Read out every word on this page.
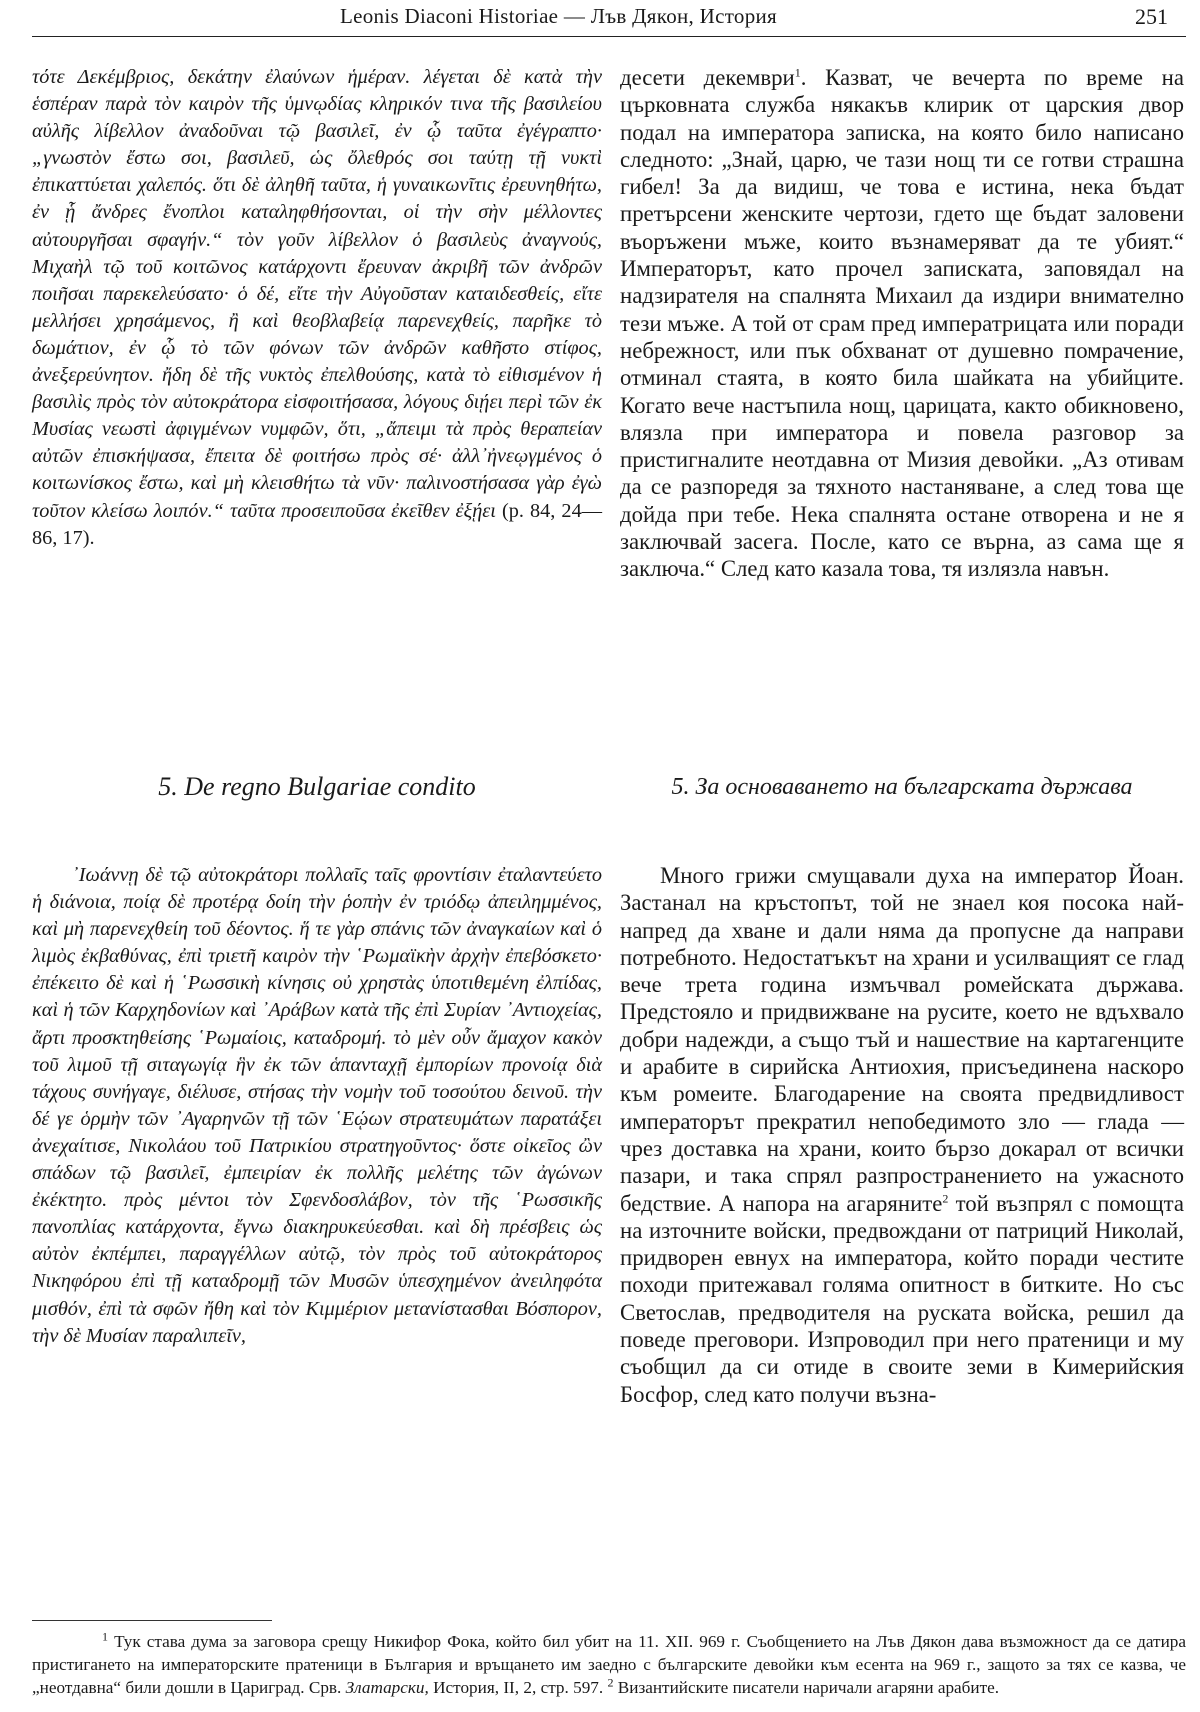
Leonis Diaconi Historiae — Лъв Дякон, История	251

τότε Δεκέμβριος, δεκάτην ἐλαύνων ἡμέραν. λέγεται δὲ κατὰ τὴν ἑσπέραν παρὰ τὸν καιρὸν τῆς ὑμνῳδίας κληρικόν τινα τῆς βασιλείου αὐλῆς λίβελλον ἀναδοῦναι τῷ βασιλεῖ, ἐν ᾧ ταῦτα ἐγέγραπτο· „γνωστὸν ἔστω σοι, βασιλεῦ, ὡς ὄλεθρός σοι ταύτῃ τῇ νυκτὶ ἐπικαττύεται χαλεπός. ὅτι δὲ ἀληθῆ ταῦτα, ἡ γυναικωνῖτις ἐρευνηθήτω, ἐν ᾗ ἄνδρες ἔνοπλοι καταληφθήσονται, οἱ τὴν σὴν μέλλοντες αὐτουργῆσαι σφαγήν.“ τὸν γοῦν λίβελλον ὁ βασιλεὺς ἀναγνούς, Μιχαὴλ τῷ τοῦ κοιτῶνος κατάρχοντι ἔρευναν ἀκριβῆ τῶν ἀνδρῶν ποιῆσαι παρεκελεύσατο· ὁ δέ, εἴτε τὴν Αὐγοῦσταν καταιδεσθείς, εἴτε μελλήσει χρησάμενος, ἢ καὶ θεοβλαβείᾳ παρενεχθείς, παρῆκε τὸ δωμάτιον, ἐν ᾧ τὸ τῶν φόνων τῶν ἀνδρῶν καθῆστο στίφος, ἀνεξερεύνητον. ἤδη δὲ τῆς νυκτὸς ἐπελθούσης, κατὰ τὸ εἰθισμένον ἡ βασιλὶς πρὸς τὸν αὐτοκράτορα εἰσφοιτήσασα, λόγους διῄει περὶ τῶν ἐκ Μυσίας νεωστὶ ἀφιγμένων νυμφῶν, ὅτι, „ἄπειμι τὰ πρὸς θεραπείαν αὐτῶν ἐπισκήψασα, ἔπειτα δὲ φοιτήσω πρὸς σέ· ἀλλ᾽ἠνεῳγμένος ὁ κοιτωνίσκος ἔστω, καὶ μὴ κλεισθήτω τὰ νῦν· παλινοστήσασα γὰρ ἐγὼ τοῦτον κλείσω λοιπόν.“ ταῦτα προσειποῦσα ἐκεῖθεν ἐξῄει (p. 84, 24—86, 17).

десети декември$^1$. Казват, че вечерта по време на църковната служба някакъв клирик от царския двор подал на императора записка, на която било написано следното: „Знай, царю, че тази нощ ти се готви страшна гибел! За да видиш, че това е истина, нека бъдат претърсени женските чертози, гдето ще бъдат заловени въоръжени мъже, които възнамеряват да те убият.“ Императорът, като прочел записката, заповядал на надзирателя на спалнята Михаил да издири внимателно тези мъже. А той от срам пред императрицата или поради небрежност, или пък обхванат от душевно помрачение, отминал стаята, в която била шайката на убийците. Когато вече настъпила нощ, царицата, както обикновено, влязла при императора и повела разговор за пристигналите неотдавна от Мизия девойки. „Аз отивам да се разпоредя за тяхното настаняване, а след това ще дойда при тебе. Нека спалнята остане отворена и не я заключвай засега. После, като се върна, аз сама ще я заключа.“ След като казала това, тя излязла навън.

5. De regno Bulgariae condito	5. За основаването на българската държава

᾿Ιωάννῃ δὲ τῷ αὐτοκράτορι πολλαῖς ταῖς φροντίσιν ἐταλαντεύετο ἡ διάνοια, ποίᾳ δὲ προτέρᾳ δοίη τὴν ῥοπὴν ἐν τριόδῳ ἀπειλημμένος, καὶ μὴ παρενεχθείη τοῦ δέοντος. ἥ τε γὰρ σπάνις τῶν ἀναγκαίων καὶ ὁ λιμὸς ἐκβαθύνας, ἐπὶ τριετῆ καιρὸν τὴν ῾Ρωμαϊκὴν ἀρχὴν ἐπεβόσκετο· ἐπέκειτο δὲ καὶ ἡ ῾Ρωσσικὴ κίνησις οὐ χρηστὰς ὑποτιθεμένη ἐλπίδας, καὶ ἡ τῶν Καρχηδονίων καὶ ᾿Αράβων κατὰ τῆς ἐπὶ Συρίαν ᾿Αντιοχείας, ἄρτι προσκτηθείσης ῾Ρωμαίοις, καταδρομή. τὸ μὲν οὖν ἄμαχον κακὸν τοῦ λιμοῦ τῇ σιταγωγίᾳ ἣν ἐκ τῶν ἁπανταχῇ ἐμπορίων προνοίᾳ διὰ τάχους συνήγαγε, διέλυσε, στήσας τὴν νομὴν τοῦ τοσούτου δεινοῦ. τὴν δέ γε ὁρμὴν τῶν ᾿Αγαρηνῶν τῇ τῶν ῾Εῴων στρατευμάτων παρατάξει ἀνεχαίτισε, Νικολάου τοῦ Πατρικίου στρατηγοῦντος· ὅστε οἰκεῖος ὢν σπάδων τῷ βασιλεῖ, ἐμπειρίαν ἐκ πολλῆς μελέτης τῶν ἀγώνων ἐκέκτητο. πρὸς μέντοι τὸν Σφενδοσλάβον, τὸν τῆς ῾Ρωσσικῆς πανοπλίας κατάρχοντα, ἔγνω διακηρυκεύεσθαι. καὶ δὴ πρέσβεις ὡς αὐτὸν ἐκπέμπει, παραγγέλλων αὐτῷ, τὸν πρὸς τοῦ αὐτοκράτορος Νικηφόρου ἐπὶ τῇ καταδρομῇ τῶν Μυσῶν ὑπεσχημένον ἀνειληφότα μισθόν, ἐπὶ τὰ σφῶν ἤθη καὶ τὸν Κιμμέριον μετανίστασθαι Βόσπορον, τὴν δὲ Μυσίαν παραλιπεῖν,

Много грижи смущавали духа на император Йоан. Застанал на кръстопът, той не знаел коя посока най-напред да хване и дали няма да пропусне да направи потребното. Недостатъкът на храни и усилващият се глад вече трета година измъчвал ромейската държава. Предстояло и придвижване на русите, което не вдъхвало добри надежди, а също тъй и нашествие на картагенците и арабите в сирийска Антиохия, присъединена наскоро към ромеите. Благодарение на своята предвидливост императорът прекратил непобедимото зло — глада — чрез доставка на храни, които бързо докарал от всички пазари, и така спрял разпространението на ужасното бедствие. А напора на агаряните$^2$ той възпрял с помощта на източните войски, предвождани от патриций Николай, придворен евнух на императора, който поради честите походи притежавал голяма опитност в битките. Но със Светослав, предводителя на руската войска, решил да поведе преговори. Изпроводил при него пратеници и му съобщил да си отиде в своите земи в Кимерийския Босфор, след като получи възна-

$^1$ Тук става дума за заговора срещу Никифор Фока, който бил убит на 11. XII. 969 г. Съобщението на Лъв Дякон дава възможност да се датира пристигането на императорските пратеници в България и връщането им заедно с българските девойки към есента на 969 г., защото за тях се казва, че „неотдавна“ били дошли в Цариград. Срв. Златарски, История, II, 2, стр. 597. $^2$ Византийските писатели наричали агаряни арабите.
